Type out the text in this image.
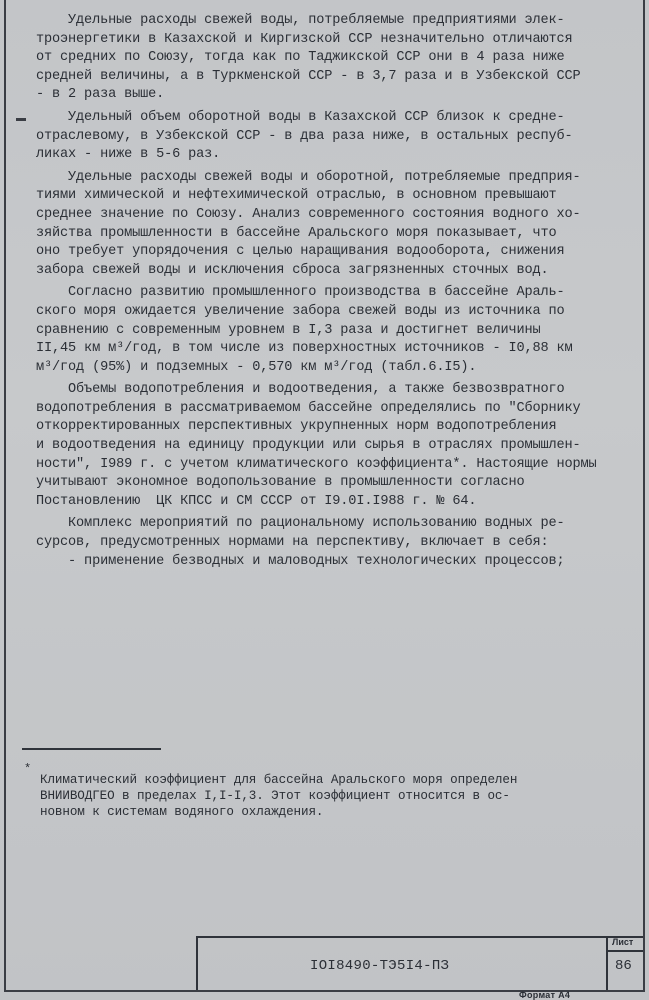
Удельные расходы свежей воды, потребляемые предприятиями элек-

троэнергетики в Казахской и Киргизской ССР незначительно отличаются

от средних по Союзу, тогда как по Таджикской ССР они в 4 раза ниже

средней величины, а в Туркменской ССР - в 3,7 раза и в Узбекской ССР

- в 2 раза выше.

Удельный объем оборотной воды в Казахской ССР близок к средне-

отраслевому, в Узбекской ССР - в два раза ниже, в остальных респуб-

ликах - ниже в 5-6 раз.

Удельные расходы свежей воды и оборотной, потребляемые предприя-

тиями химической и нефтехимической отраслью, в основном превышают

среднее значение по Союзу. Анализ современного состояния водного хо-

зяйства промышленности в бассейне Аральского моря показывает, что

оно требует упорядочения с целью наращивания водооборота, снижения

забора свежей воды и исключения сброса загрязненных сточных вод.

Согласно развитию промышленного производства в бассейне Араль-

ского моря ожидается увеличение забора свежей воды из источника по

сравнению с современным уровнем в I,3 раза и достигнет величины

II,45 км м³/год, в том числе из поверхностных источников - I0,88 км

м³/год (95%) и подземных - 0,570 км м³/год (табл.6.I5).

Объемы водопотребления и водоотведения, а также безвозвратного

водопотребления в рассматриваемом бассейне определялись по "Сборнику

откорректированных перспективных укрупненных норм водопотребления

и водоотведения на единицу продукции или сырья в отраслях промышлен-

ности", I989 г. с учетом климатического коэффициента*. Настоящие нормы

учитывают экономное водопользование в промышленности согласно

Постановлению  ЦК КПСС и СМ СССР от I9.0I.I988 г. № 64.

Комплекс мероприятий по рациональному использованию водных ре-

сурсов, предусмотренных нормами на перспективу, включает в себя:

- применение безводных и маловодных технологических процессов;

*

Климатический коэффициент для бассейна Аральского моря определен

ВНИИВОДГЕО в пределах I,I-I,3. Этот коэффициент относится в ос-

новном к системам водяного охлаждения.

IOI8490-ТЭ5I4-ПЗ
Лист
86
Формат А4
